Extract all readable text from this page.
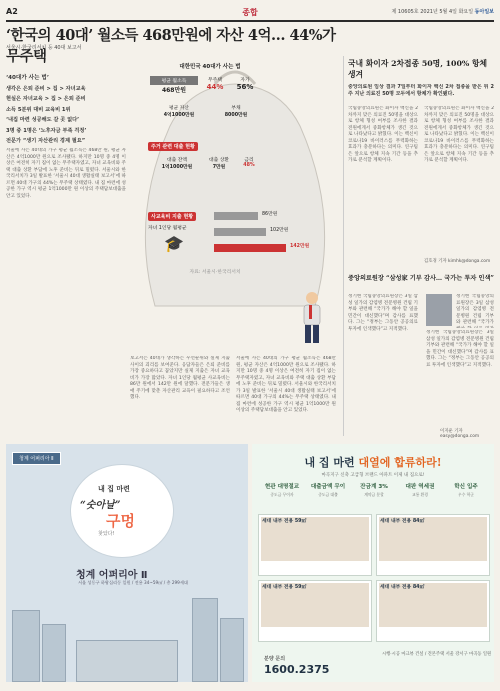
A2	종합	제 10605호 2021년 5월 4일 화요일 동아일보
‘한국의 40대’ 월소득 468만원에 자산 4억… 44%가 무주택
서울시·한국리서치 등 40대 보고서
‘40대가 사는 법’
생각은 은퇴 준비 > 집 > 자녀교육
현실은 자녀교육 > 집 > 은퇴 준비
소득 5분위 대비 교육비 1위
‘내집 마련 성공해도 갈 곳 없다’
3명 중 1명은 ‘노후자금 부족 걱정’
전문가 “생기 자산관리 경제 필요”
서울에 사는 40대의 가구 평균 월소득은 468만 원, 평균 자산은 4억1000만 원으로 조사됐다. 하지만 10명 중 4명 이상은 여전히 자기 집이 없는 무주택자였고, 자녀 교육비와 주택 대출 상환 부담에 노후 준비는 뒤로 밀렸다. 서울시와 한국리서치가 3일 발표한 ‘서울시 40대 생활실태 보고서’에 따르면 40대 가구의 44%는 무주택 상태였다. 내 집 마련에 성공한 가구 역시 평균 1억1000만 원 이상의 주택담보대출을 안고 있었다.
보고서는 40대가 생각하는 우선순위와 실제 지출 사이의 괴리를 보여준다. 응답자들은 은퇴 준비를 가장 중요하다고 꼽았지만 실제 지출은 자녀 교육비가 가장 많았다. 자녀 1인당 월평균 사교육비는 86만 원에서 142만 원에 달했다. 전문가들은 생애 주기에 맞춘 자산관리 교육이 필요하다고 조언했다.
서울에 사는 40대의 가구 평균 월소득은 468만 원, 평균 자산은 4억1000만 원으로 조사됐다. 하지만 10명 중 4명 이상은 여전히 자기 집이 없는 무주택자였고, 자녀 교육비와 주택 대출 상환 부담에 노후 준비는 뒤로 밀렸다. 서울시와 한국리서치가 3일 발표한 ‘서울시 40대 생활실태 보고서’에 따르면 40대 가구의 44%는 무주택 상태였다. 내 집 마련에 성공한 가구 역시 평균 1억1000만 원 이상의 주택담보대출을 안고 있었다.
대한민국 40대가 사는 법
평균 월소득
468만원
무주택
44%
자가
56%
평균 자산
4억1000만원
부채
8000만원
주거 관련 대출 현황
대출 잔액
1억1000만원
대출 상환
7만원
금리
48%
사교육비 지출 현황
자녀 1인당 월평균
🎓
86만원
102만원
142만원
자료: 서울시·한국리서치
국내 화이자 2차접종 50명, 100% 항체 생겨
중앙의료원 임상 결과 7일부터 화이자 백신 2차 접종을 받은 뒤 2주 지난 의료진 50명 모두에서 항체가 확인됐다.
국립중앙의료원은 화이자 백신을 2차까지 맞은 의료진 50명을 대상으로 항체 형성 여부를 조사한 결과 전원에게서 중화항체가 생긴 것으로 나타났다고 밝혔다. 이는 백신이 코로나19 바이러스를 무력화하는 효과가 충분하다는 의미다. 연구팀은 앞으로 항체 지속 기간 등을 추가로 분석할 계획이다.
국립중앙의료원은 화이자 백신을 2차까지 맞은 의료진 50명을 대상으로 항체 형성 여부를 조사한 결과 전원에게서 중화항체가 생긴 것으로 나타났다고 밝혔다. 이는 백신이 코로나19 바이러스를 무력화하는 효과가 충분하다는 의미다. 연구팀은 앞으로 항체 지속 기간 등을 추가로 분석할 계획이다.
김호경 기자 kimhk@donga.com
중앙의료원장 “삼성家 기부 감사… 국가는 투자 인색”
정기현 국립중앙의료원장은 3일 삼성 일가의 감염병 전문병원 건립 기부와 관련해 “국가가 해야 할 일을 민간이 대신했다”며 감사를 표했다. 그는 “정부는 그동안 공공의료 투자에 인색했다”고 지적했다.
정기현 국립중앙의료원장은 3일 삼성 일가의 감염병 전문병원 건립 기부와 관련해 “국가가
정기현 국립중앙의료원장은 3일 삼성 일가의 감염병 전문병원 건립 기부와 관련해 “국가가 해야 할 일을 민간이 대신했다”며 감사를 표했다. 그는 “정부는 그동안 공공의료 투자에 인색했다”고 지적했다.
이지운 기자 easy@donga.com
청계 어퍼리아 Ⅱ
내 집 마련
“숫아날”
구멍
찾았다!
청계 어퍼리아 Ⅱ
서울 성동구 하왕십리동 일원 / 전용 34~59㎡ / 총 299세대
내 집 마련 대열에 합류하라!
마곡지구 신축 고급형 브랜드 아파트 이제 내 집으로!
현관 대명절교
중도금 무이자
대출금액 무이
중도금 대출
잔금계 3%
계약금 분할
대판 역세권
교통 환경
학신 입주
우수 학군
세대 내부 전용 59㎡	세대 내부 전용 84㎡
세대 내부 전용 59㎡	세대 내부 전용 84㎡
분양 문의
1600.2375
시행·시공 마크뷰 건설 / 견본주택 서울 강서구 마곡동 일원
